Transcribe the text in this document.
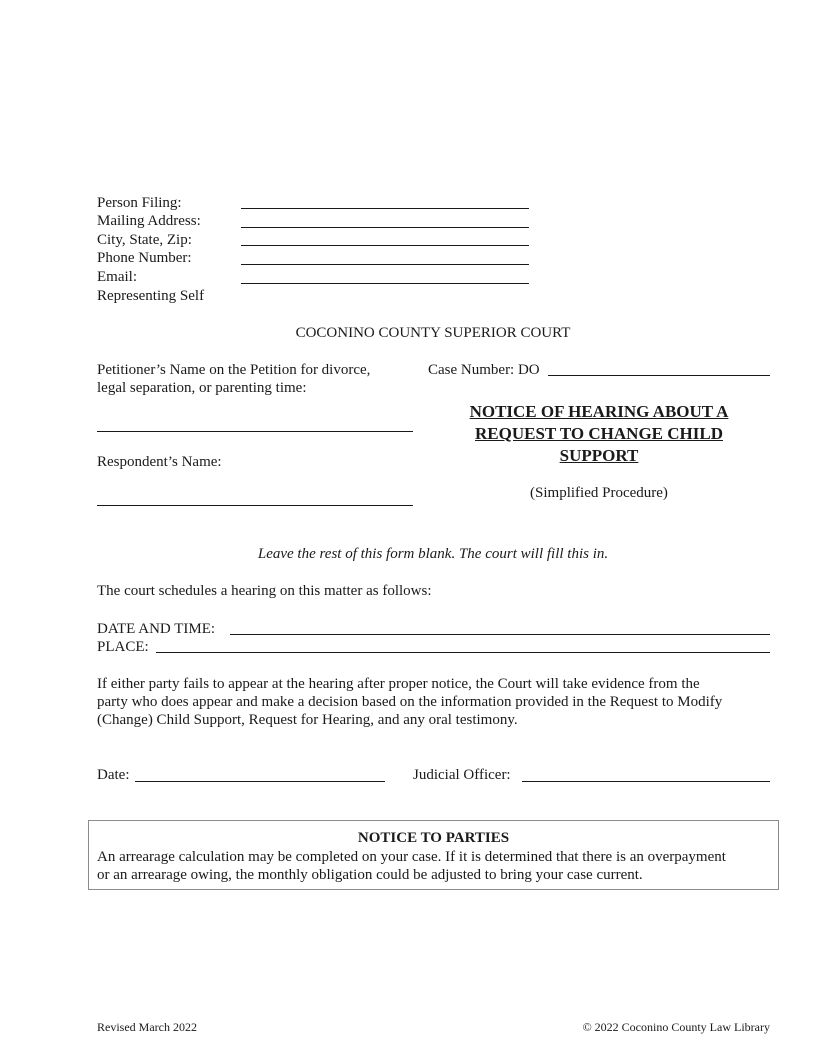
Person Filing:
Mailing Address:
City, State, Zip:
Phone Number:
Email:
Representing Self
COCONINO COUNTY SUPERIOR COURT
Petitioner’s Name on the Petition for divorce,
legal separation, or parenting time:
Respondent’s Name:
Case Number: DO
NOTICE OF HEARING ABOUT A
REQUEST TO CHANGE CHILD
SUPPORT
(Simplified Procedure)
Leave the rest of this form blank. The court will fill this in.
The court schedules a hearing on this matter as follows:
DATE AND TIME:
PLACE:
If either party fails to appear at the hearing after proper notice, the Court will take evidence from the
party who does appear and make a decision based on the information provided in the Request to Modify
(Change) Child Support, Request for Hearing, and any oral testimony.
Date:	Judicial Officer:
NOTICE TO PARTIES
An arrearage calculation may be completed on your case. If it is determined that there is an overpayment
or an arrearage owing, the monthly obligation could be adjusted to bring your case current.
Revised March 2022	© 2022 Coconino County Law Library
